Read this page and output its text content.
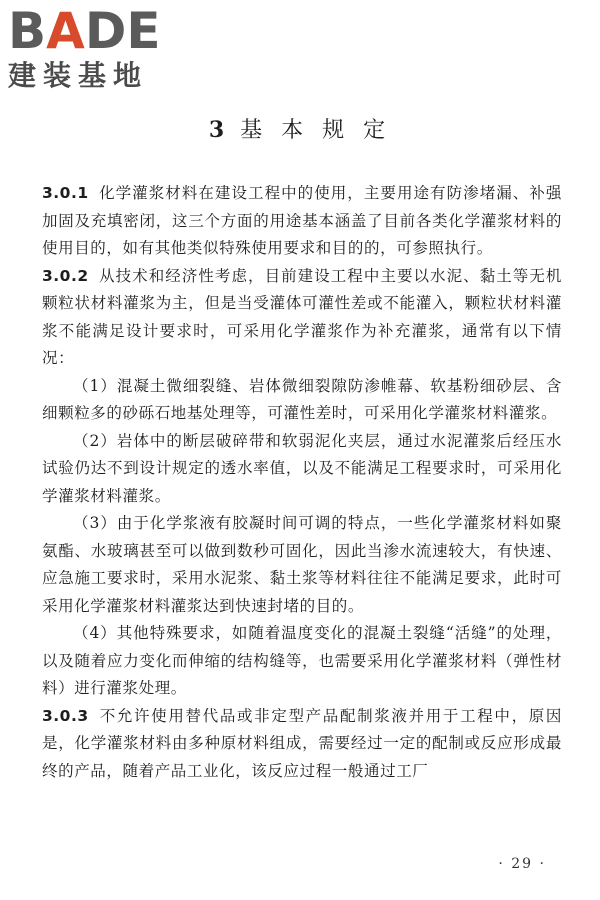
B A D E
建装基地
3 基 本 规 定

3.0.1 化学灌浆材料在建设工程中的使用，主要用途有防渗堵漏、补强加固及充填密闭，这三个方面的用途基本涵盖了目前各类化学灌浆材料的使用目的，如有其他类似特殊使用要求和目的的，可参照执行。

3.0.2 从技术和经济性考虑，目前建设工程中主要以水泥、黏土等无机颗粒状材料灌浆为主，但是当受灌体可灌性差或不能灌入，颗粒状材料灌浆不能满足设计要求时，可采用化学灌浆作为补充灌浆，通常有以下情况：

（1）混凝土微细裂缝、岩体微细裂隙防渗帷幕、软基粉细砂层、含细颗粒多的砂砾石地基处理等，可灌性差时，可采用化学灌浆材料灌浆。

（2）岩体中的断层破碎带和软弱泥化夹层，通过水泥灌浆后经压水试验仍达不到设计规定的透水率值，以及不能满足工程要求时，可采用化学灌浆材料灌浆。

（3）由于化学浆液有胶凝时间可调的特点，一些化学灌浆材料如聚氨酯、水玻璃甚至可以做到数秒可固化，因此当渗水流速较大，有快速、应急施工要求时，采用水泥浆、黏土浆等材料往往不能满足要求，此时可采用化学灌浆材料灌浆达到快速封堵的目的。

（4）其他特殊要求，如随着温度变化的混凝土裂缝“活缝”的处理，以及随着应力变化而伸缩的结构缝等，也需要采用化学灌浆材料（弹性材料）进行灌浆处理。

3.0.3 不允许使用替代品或非定型产品配制浆液并用于工程中，原因是，化学灌浆材料由多种原材料组成，需要经过一定的配制或反应形成最终的产品，随着产品工业化，该反应过程一般通过工厂

· 29 ·
